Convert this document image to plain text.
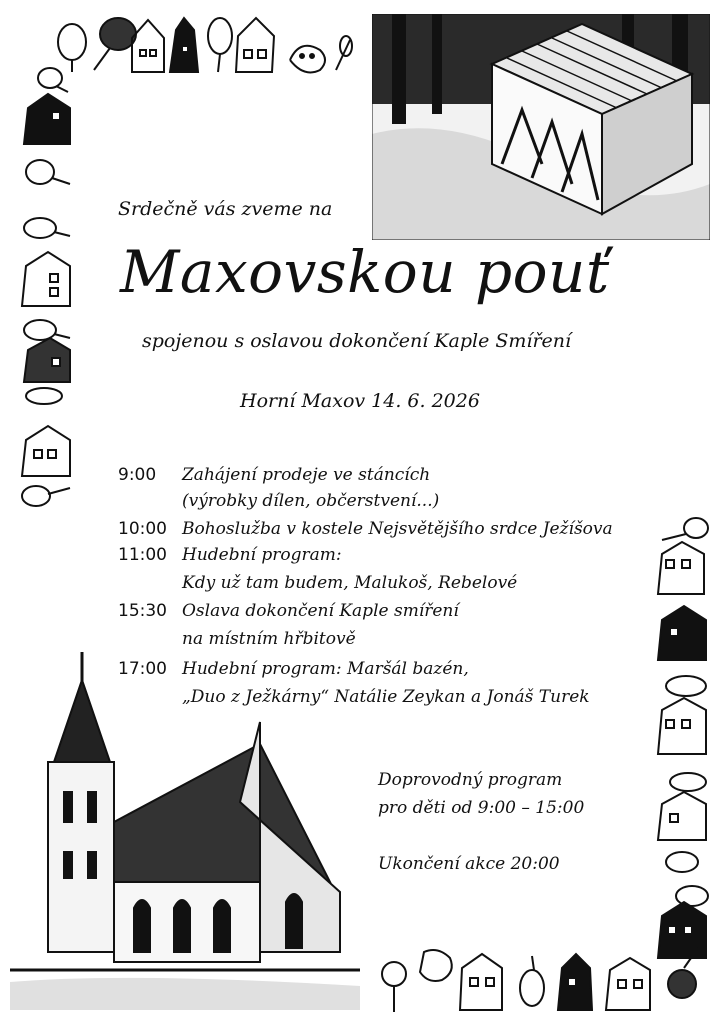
Srdečně vás zveme na
Maxovskou pouť
spojenou s oslavou dokončení Kaple Smíření
Horní Maxov 14. 6. 2026
9:00 Zahájení prodeje ve stáncích
(výrobky dílen, občerstvení...)
10:00 Bohoslužba v kostele Nejsvětějšího srdce Ježíšova
11:00 Hudební program:
Kdy už tam budem, Malukoš, Rebelové
15:30 Oslava dokončení Kaple smíření
na místním hřbitově
17:00 Hudební program: Maršál bazén,
„Duo z Ježkárny“ Natálie Zeykan a Jonáš Turek
Doprovodný program
pro děti od 9:00 – 15:00
Ukončení akce 20:00
